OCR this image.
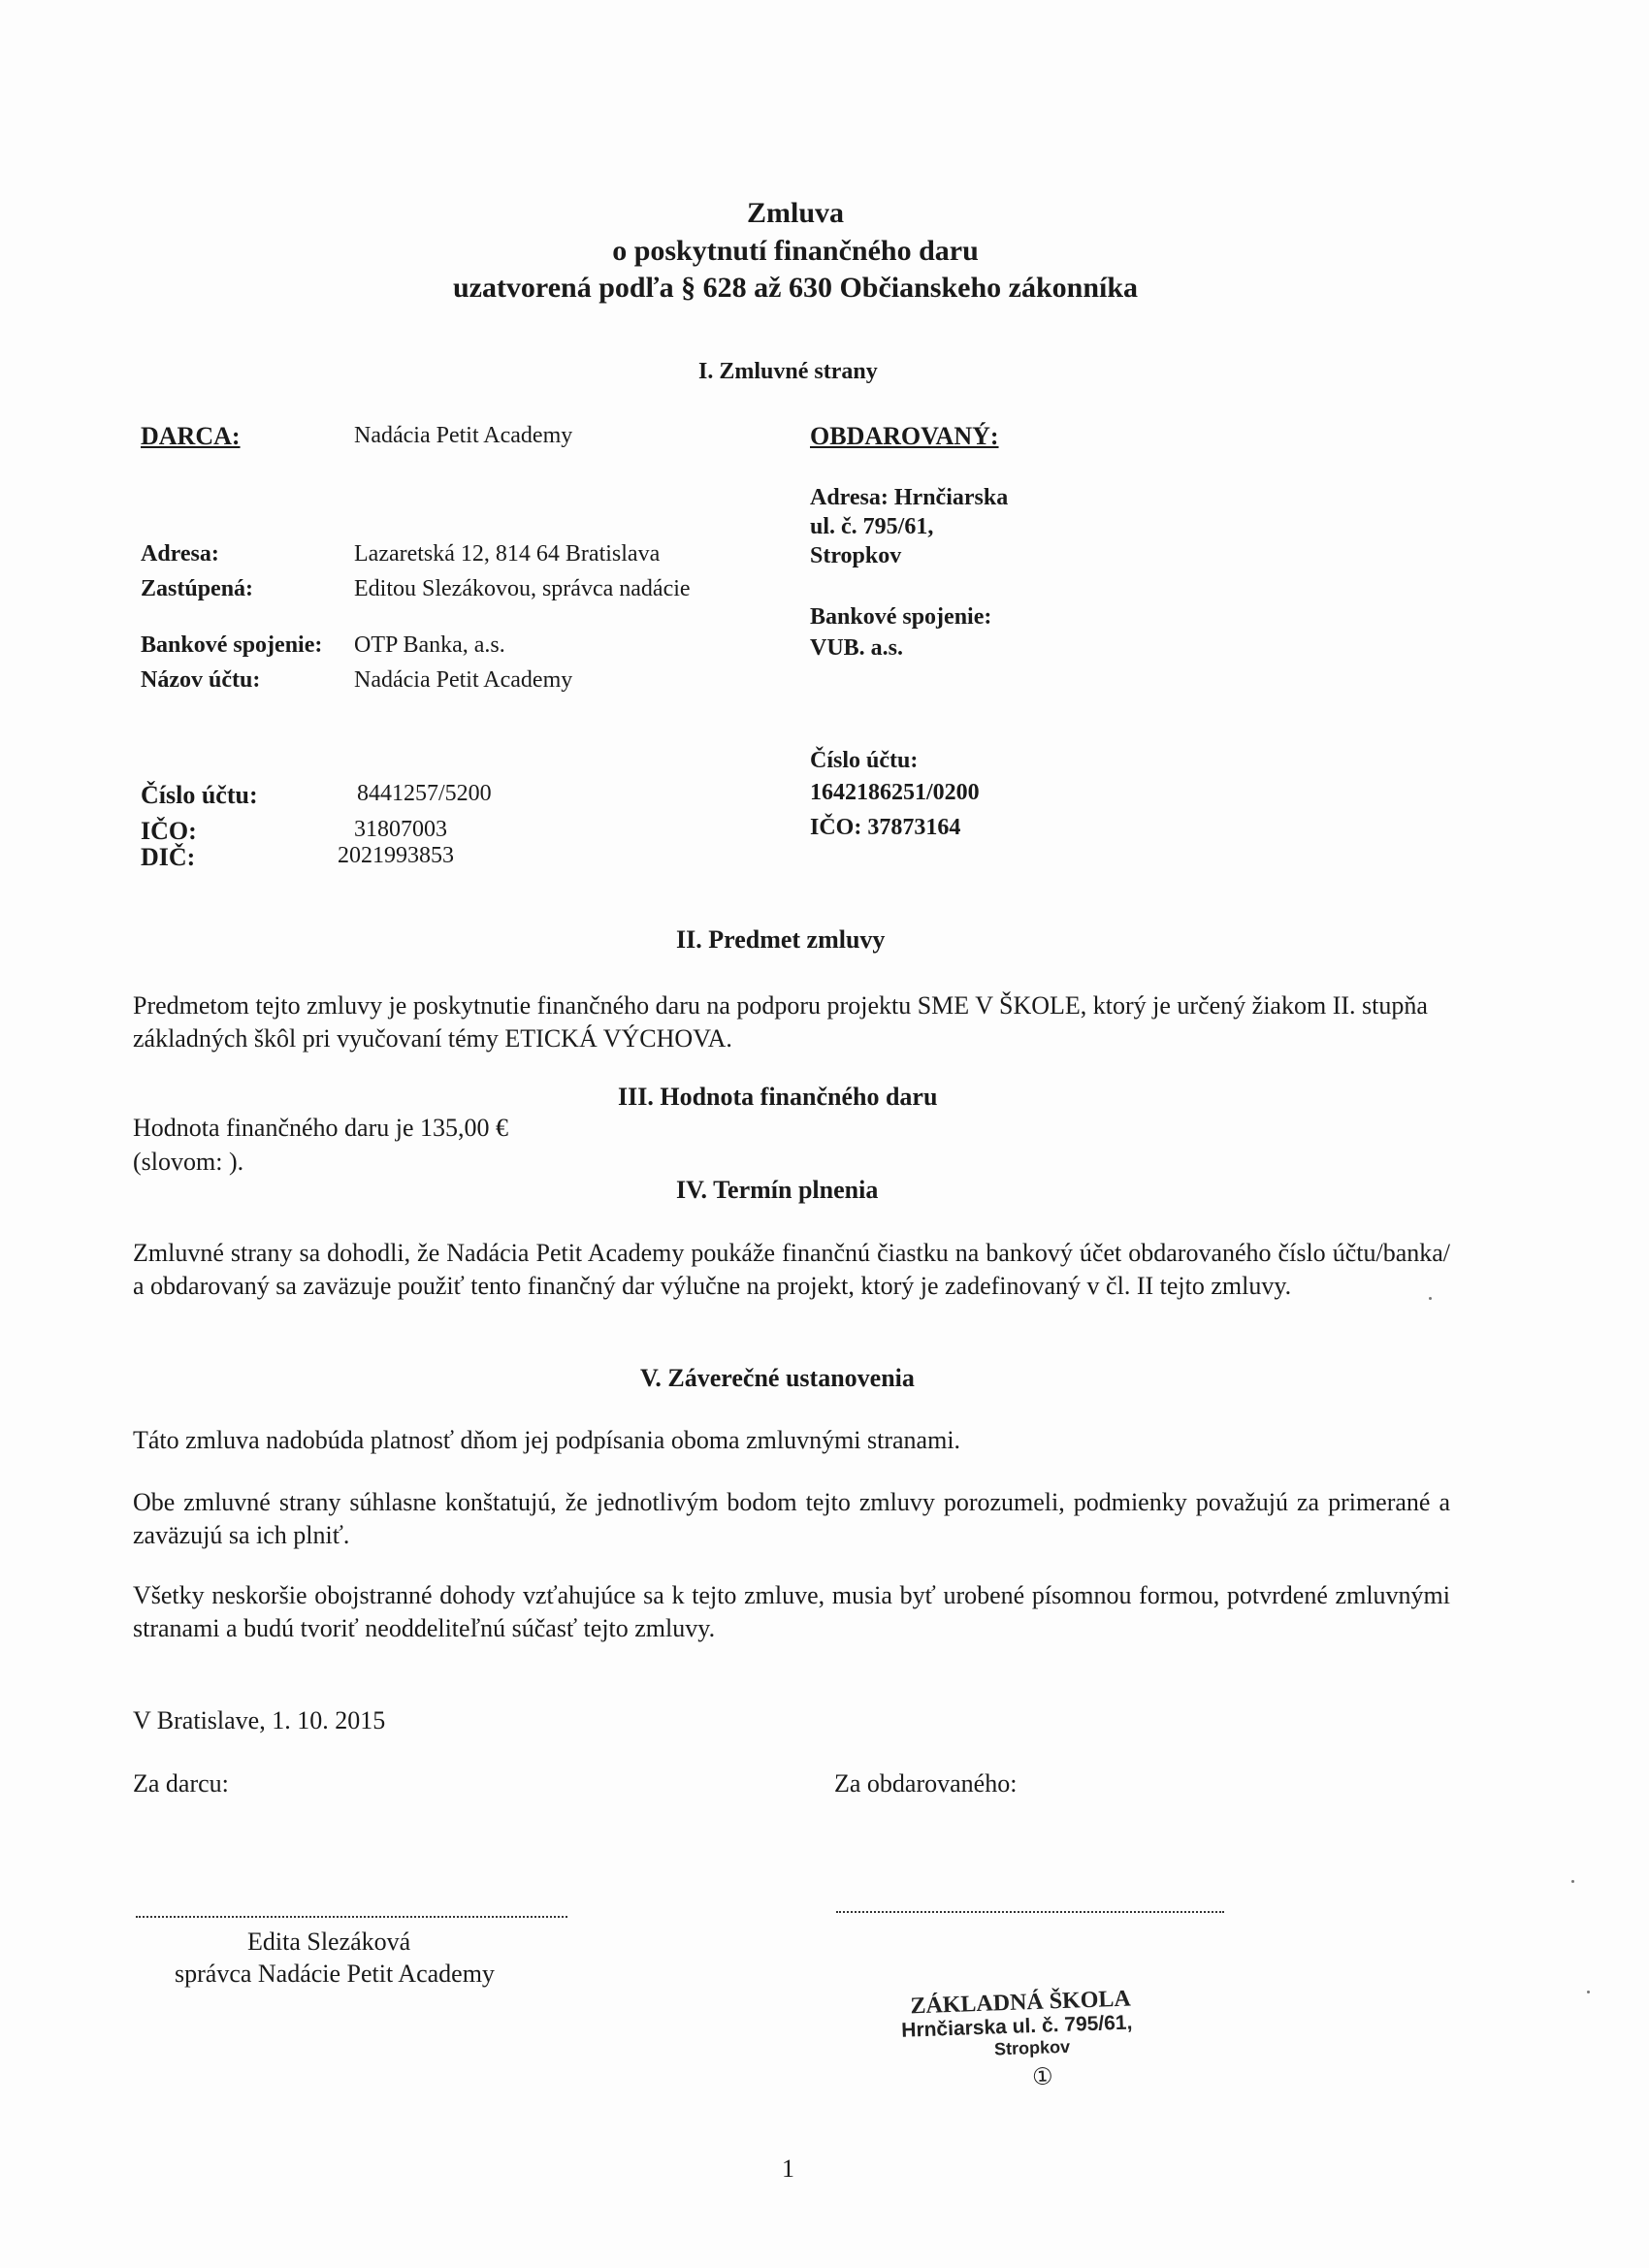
Zmluva
o poskytnutí finančného daru
uzatvorená podľa § 628 až 630 Občianskeho zákonníka
I. Zmluvné strany
DARCA:	Nadácia Petit Academy
Adresa:	Lazaretská 12, 814 64 Bratislava
Zastúpená:	Editou Slezákovou, správca nadácie
Bankové spojenie: OTP Banka, a.s.
Názov účtu:	Nadácia Petit Academy
Číslo účtu:	8441257/5200
IČO:	31807003
DIČ:	2021993853
OBDAROVANÝ:
Adresa: Hrnčiarska
ul. č. 795/61,
Stropkov
Bankové spojenie:
VUB. a.s.
Číslo účtu:
1642186251/0200
IČO: 37873164
II. Predmet zmluvy
Predmetom tejto zmluvy je poskytnutie finančného daru na podporu projektu SME V ŠKOLE, ktorý je určený žiakom II. stupňa základných škôl pri vyučovaní témy ETICKÁ VÝCHOVA.
III. Hodnota finančného daru
Hodnota finančného daru je 135,00 €
(slovom: ).
IV. Termín plnenia
Zmluvné strany sa dohodli, že Nadácia Petit Academy poukáže finančnú čiastku na bankový účet obdarovaného číslo účtu/banka/ a obdarovaný sa zaväzuje použiť tento finančný dar výlučne na projekt, ktorý je zadefinovaný v čl. II tejto zmluvy.
V. Záverečné ustanovenia
Táto zmluva nadobúda platnosť dňom jej podpísania oboma zmluvnými stranami.
Obe zmluvné strany súhlasne konštatujú, že jednotlivým bodom tejto zmluvy porozumeli, podmienky považujú za primerané a zaväzujú sa ich plniť.
Všetky neskoršie obojstranné dohody vzťahujúce sa k tejto zmluve, musia byť urobené písomnou formou, potvrdené zmluvnými stranami a budú tvoriť neoddeliteľnú súčasť tejto zmluvy.
V Bratislave, 1. 10. 2015
Za darcu:	Za obdarovaného:
Edita Slezáková
správca Nadácie Petit Academy
ZÁKLADNÁ ŠKOLA
Hrnčiarska ul. č. 795/61,
Stropkov
①
1
